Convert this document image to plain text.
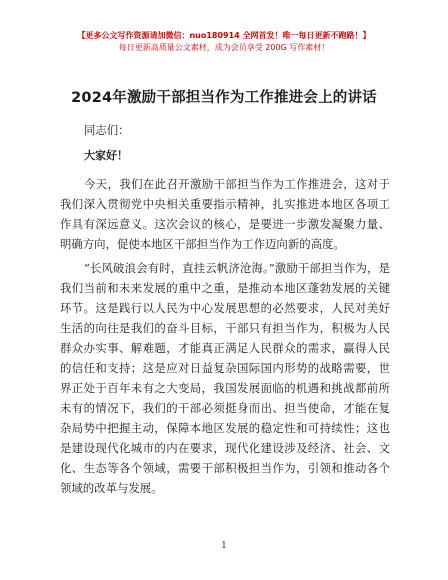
【更多公文写作资源请加微信：nuo180914 全网首发！唯一每日更新不跑路！】
每日更新高质量公文素材，成为会员享受 200G 写作素材！
2024年激励干部担当作为工作推进会上的讲话

同志们：

大家好！

今天，我们在此召开激励干部担当作为工作推进会，这对于我们深入贯彻党中央相关重要指示精神，扎实推进本地区各项工作具有深远意义。这次会议的核心，是要进一步激发凝聚力量、明确方向，促使本地区干部担当作为工作迈向新的高度。

“长风破浪会有时，直挂云帆济沧海。”激励干部担当作为，是我们当前和未来发展的重中之重，是推动本地区蓬勃发展的关键环节。这是践行以人民为中心发展思想的必然要求，人民对美好生活的向往是我们的奋斗目标，干部只有担当作为，积极为人民群众办实事、解难题，才能真正满足人民群众的需求，赢得人民的信任和支持；这是应对日益复杂国际国内形势的战略需要，世界正处于百年未有之大变局，我国发展面临的机遇和挑战都前所未有的情况下，我们的干部必须挺身而出、担当使命，才能在复杂局势中把握主动，保障本地区发展的稳定性和可持续性；这也是建设现代化城市的内在要求，现代化建设涉及经济、社会、文化、生态等各个领域，需要干部积极担当作为，引领和推动各个领域的改革与发展。

1
